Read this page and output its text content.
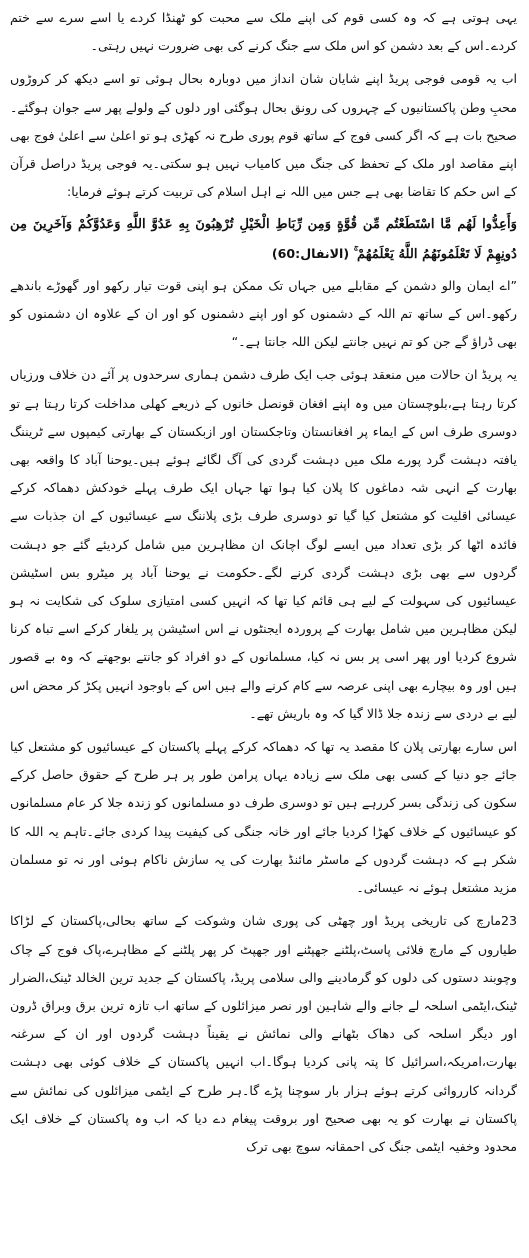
یہی ہوتی ہے کہ وہ کسی قوم کی اپنے ملک سے محبت کو ٹھنڈا کردے یا اسے سرے سے ختم کردے۔اس کے بعد دشمن کو اس ملک سے جنگ کرنے کی بھی ضرورت نہیں رہتی۔

اب یہ قومی فوجی پریڈ اپنے شایان شان انداز میں دوبارہ بحال ہوئی تو اسے دیکھ کر کروڑوں محبِ وطن پاکستانیوں کے چہروں کی رونق بحال ہوگئی اور دلوں کے ولولے پھر سے جوان ہوگئے۔صحیح بات ہے کہ اگر کسی فوج کے ساتھ قوم پوری طرح نہ کھڑی ہو تو اعلیٰ سے اعلیٰ فوج بھی اپنے مقاصد اور ملک کے تحفظ کی جنگ میں کامیاب نہیں ہو سکتی۔یہ فوجی پریڈ دراصل قرآن کے اس حکم کا تقاضا بھی ہے جس میں اللہ نے اہل اسلام کی تربیت کرتے ہوئے فرمایا:

وَأَعِدُّوا لَهُم مَّا اسْتَطَعْتُم مِّن قُوَّةٍ وَمِن رِّبَاطِ الْخَيْلِ تُرْهِبُونَ بِهِ عَدُوَّ اللَّهِ وَعَدُوَّكُمْ وَآخَرِينَ مِن دُونِهِمْ لَا تَعْلَمُونَهُمُ اللَّهُ يَعْلَمُهُمْ ۚ (الانفال:60)

”اے ایمان والو دشمن کے مقابلے میں جہاں تک ممکن ہو اپنی قوت تیار رکھو اور گھوڑے باندھے رکھو۔اس کے ساتھ تم اللہ کے دشمنوں کو اور اپنے دشمنوں کو اور ان کے علاوہ ان دشمنوں کو بھی ڈراؤ گے جن کو تم نہیں جانتے لیکن اللہ جانتا ہے۔“

یہ پریڈ ان حالات میں منعقد ہوئی جب ایک طرف دشمن ہماری سرحدوں پر آئے دن خلاف ورزیاں کرتا رہتا ہے،بلوچستان میں وہ اپنے افغان قونصل خانوں کے ذریعے کھلی مداخلت کرتا رہتا ہے تو دوسری طرف اس کے ایماء پر افغانستان وتاجکستان اور ازبکستان کے بھارتی کیمپوں سے ٹریننگ یافتہ دہشت گرد پورے ملک میں دہشت گردی کی آگ لگائے ہوئے ہیں۔یوحنا آباد کا واقعہ بھی بھارت کے انہی شہ دماغوں کا پلان کیا ہوا تھا جہاں ایک طرف پہلے خودکش دھماکہ کرکے عیسائی اقلیت کو مشتعل کیا گیا تو دوسری طرف بڑی پلاننگ سے عیسائیوں کے ان جذبات سے فائدہ اٹھا کر بڑی تعداد میں ایسے لوگ اچانک ان مظاہرین میں شامل کردیئے گئے جو دہشت گردوں سے بھی بڑی دہشت گردی کرنے لگے۔حکومت نے یوحنا آباد پر میٹرو بس اسٹیشن عیسائیوں کی سہولت کے لیے ہی قائم کیا تھا کہ انہیں کسی امتیازی سلوک کی شکایت نہ ہو لیکن مظاہرین میں شامل بھارت کے پروردہ ایجنٹوں نے اس اسٹیشن پر یلغار کرکے اسے تباہ کرنا شروع کردیا اور پھر اسی پر بس نہ کیا، مسلمانوں کے دو افراد کو جانتے بوجھتے کہ وہ بے قصور ہیں اور وہ بیچارے بھی اپنی عرصہ سے کام کرنے والے ہیں اس کے باوجود انہیں پکڑ کر محض اس لیے بے دردی سے زندہ جلا ڈالا گیا کہ وہ باریش تھے۔

اس سارے بھارتی پلان کا مقصد یہ تھا کہ دھماکہ کرکے پہلے پاکستان کے عیسائیوں کو مشتعل کیا جائے جو دنیا کے کسی بھی ملک سے زیادہ یہاں پرامن طور پر ہر طرح کے حقوق حاصل کرکے سکون کی زندگی بسر کررہے ہیں تو دوسری طرف دو مسلمانوں کو زندہ جلا کر عام مسلمانوں کو عیسائیوں کے خلاف کھڑا کردیا جائے اور خانہ جنگی کی کیفیت پیدا کردی جائے۔تاہم یہ اللہ کا شکر ہے کہ دہشت گردوں کے ماسٹر مائنڈ بھارت کی یہ سازش ناکام ہوئی اور نہ تو مسلمان مزید مشتعل ہوئے نہ عیسائی۔

23مارچ کی تاریخی پریڈ اور چھٹی کی پوری شان وشوکت کے ساتھ بحالی،پاکستان کے لڑاکا طیاروں کے مارچ فلائی پاسٹ،پلٹنے جھپٹنے اور جھپٹ کر پھر پلٹنے کے مظاہرے،پاک فوج کے چاک وچوبند دستوں کی دلوں کو گرمادینے والی سلامی پریڈ، پاکستان کے جدید ترین الخالد ٹینک،الضرار ٹینک،ایٹمی اسلحہ لے جانے والے شاہین اور نصر میزائلوں کے ساتھ اب تازہ ترین برق وبراق ڈرون اور دیگر اسلحہ کی دھاک بٹھانے والی نمائش نے یقیناً دہشت گردوں اور ان کے سرغنہ بھارت،امریکہ،اسرائیل کا پتہ پانی کردیا ہوگا۔اب انہیں پاکستان کے خلاف کوئی بھی دہشت گردانہ کارروائی کرتے ہوئے ہزار بار سوچنا پڑے گا۔ہر طرح کے ایٹمی میزائلوں کی نمائش سے پاکستان نے بھارت کو یہ بھی صحیح اور بروقت پیغام دے دیا کہ اب وہ پاکستان کے خلاف ایک محدود وخفیہ ایٹمی جنگ کی احمقانہ سوچ بھی ترک
